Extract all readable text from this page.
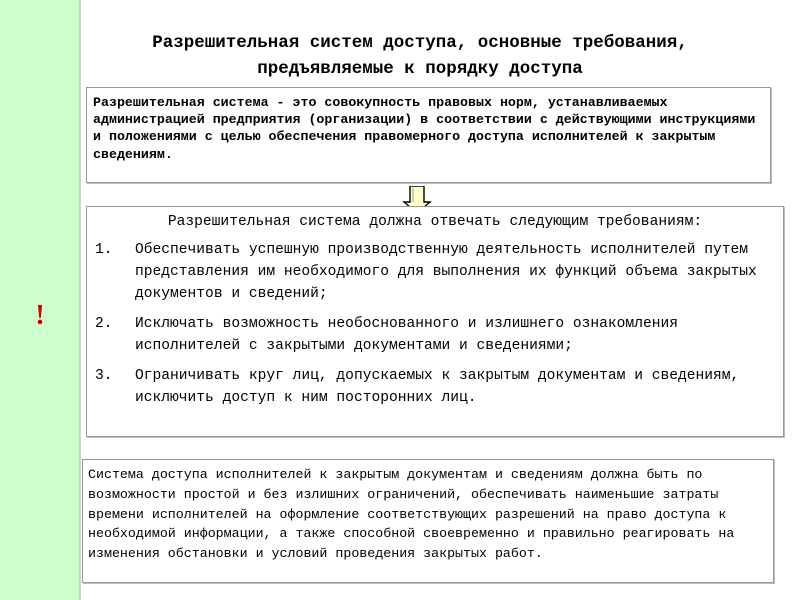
!
Разрешительная систем доступа, основные требования, предъявляемые к порядку доступа
Разрешительная система - это совокупность правовых норм, устанавливаемых администрацией предприятия (организации) в соответствии с действующими инструкциями и положениями с целью обеспечения правомерного доступа исполнителей к закрытым сведениям.

Разрешительная система должна отвечать следующим требованиям:

1.	Обеспечивать успешную производственную деятельность исполнителей путем представления им необходимого для выполнения их функций объема закрытых документов и сведений;
2.	Исключать возможность необоснованного и излишнего ознакомления исполнителей с закрытыми документами и сведениями;
3.	Ограничивать круг лиц, допускаемых к закрытым документам и сведениям, исключить доступ к ним посторонних лиц.
Система доступа исполнителей к закрытым документам и сведениям должна быть по возможности простой и без излишних ограничений, обеспечивать наименьшие затраты времени исполнителей на оформление соответствующих разрешений на право доступа к необходимой информации, а также способной своевременно и правильно реагировать на изменения обстановки и условий проведения закрытых работ.
